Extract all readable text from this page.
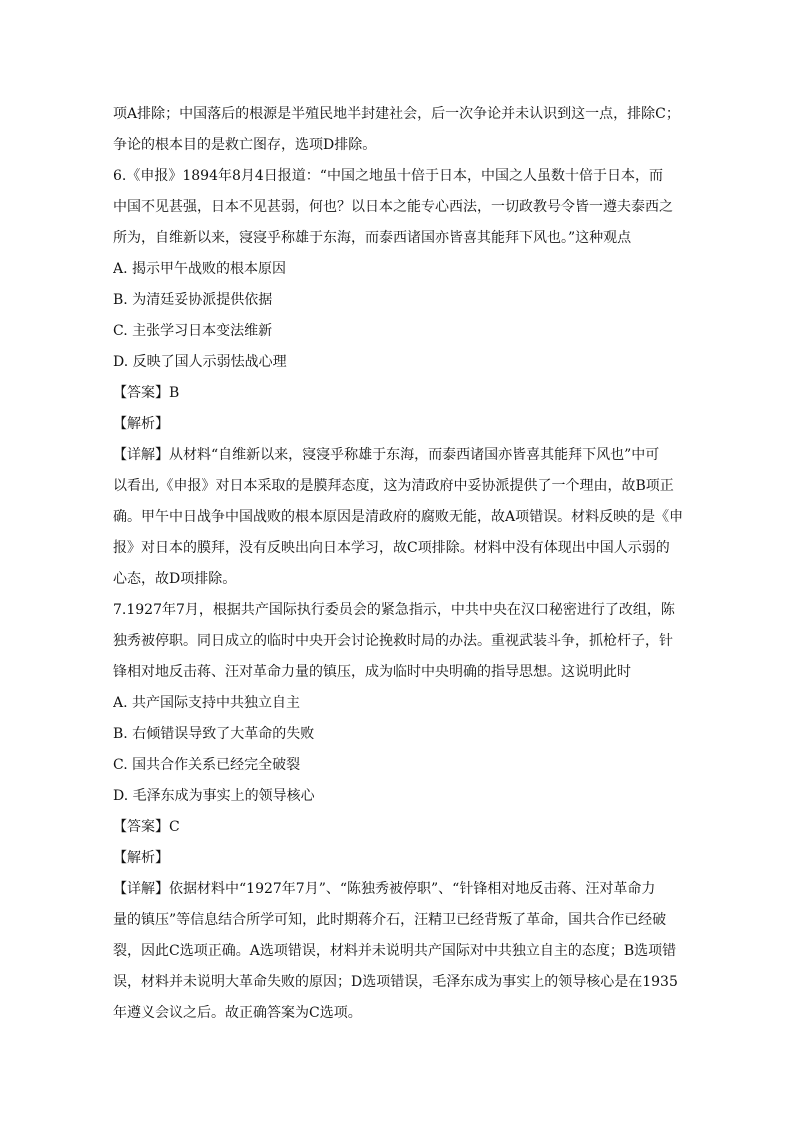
项A排除；中国落后的根源是半殖民地半封建社会，后一次争论并未认识到这一点，排除C；
争论的根本目的是救亡图存，选项D排除。
6.《申报》1894年8月4日报道：“中国之地虽十倍于日本，中国之人虽数十倍于日本，而
中国不见甚强，日本不见甚弱，何也？以日本之能专心西法，一切政教号令皆一遵夫泰西之
所为，自维新以来，寖寖乎称雄于东海，而泰西诸国亦皆喜其能拜下风也。”这种观点
A. 揭示甲午战败的根本原因
B. 为清廷妥协派提供依据
C. 主张学习日本变法维新
D. 反映了国人示弱怯战心理
【答案】B
【解析】
【详解】从材料“自维新以来，寖寖乎称雄于东海，而泰西诸国亦皆喜其能拜下风也”中可
以看出,《申报》对日本采取的是膜拜态度，这为清政府中妥协派提供了一个理由，故B项正
确。甲午中日战争中国战败的根本原因是清政府的腐败无能，故A项错误。材料反映的是《申
报》对日本的膜拜，没有反映出向日本学习，故C项排除。材料中没有体现出中国人示弱的
心态，故D项排除。
7.1927年7月，根据共产国际执行委员会的紧急指示，中共中央在汉口秘密进行了改组，陈
独秀被停职。同日成立的临时中央开会讨论挽救时局的办法。重视武装斗争，抓枪杆子，针
锋相对地反击蒋、汪对革命力量的镇压，成为临时中央明确的指导思想。这说明此时
A. 共产国际支持中共独立自主
B. 右倾错误导致了大革命的失败
C. 国共合作关系已经完全破裂
D. 毛泽东成为事实上的领导核心
【答案】C
【解析】
【详解】依据材料中“1927年7月”、“陈独秀被停职”、“针锋相对地反击蒋、汪对革命力
量的镇压”等信息结合所学可知，此时期蒋介石，汪精卫已经背叛了革命，国共合作已经破
裂，因此C选项正确。A选项错误，材料并未说明共产国际对中共独立自主的态度；B选项错
误，材料并未说明大革命失败的原因；D选项错误，毛泽东成为事实上的领导核心是在1935
年遵义会议之后。故正确答案为C选项。
